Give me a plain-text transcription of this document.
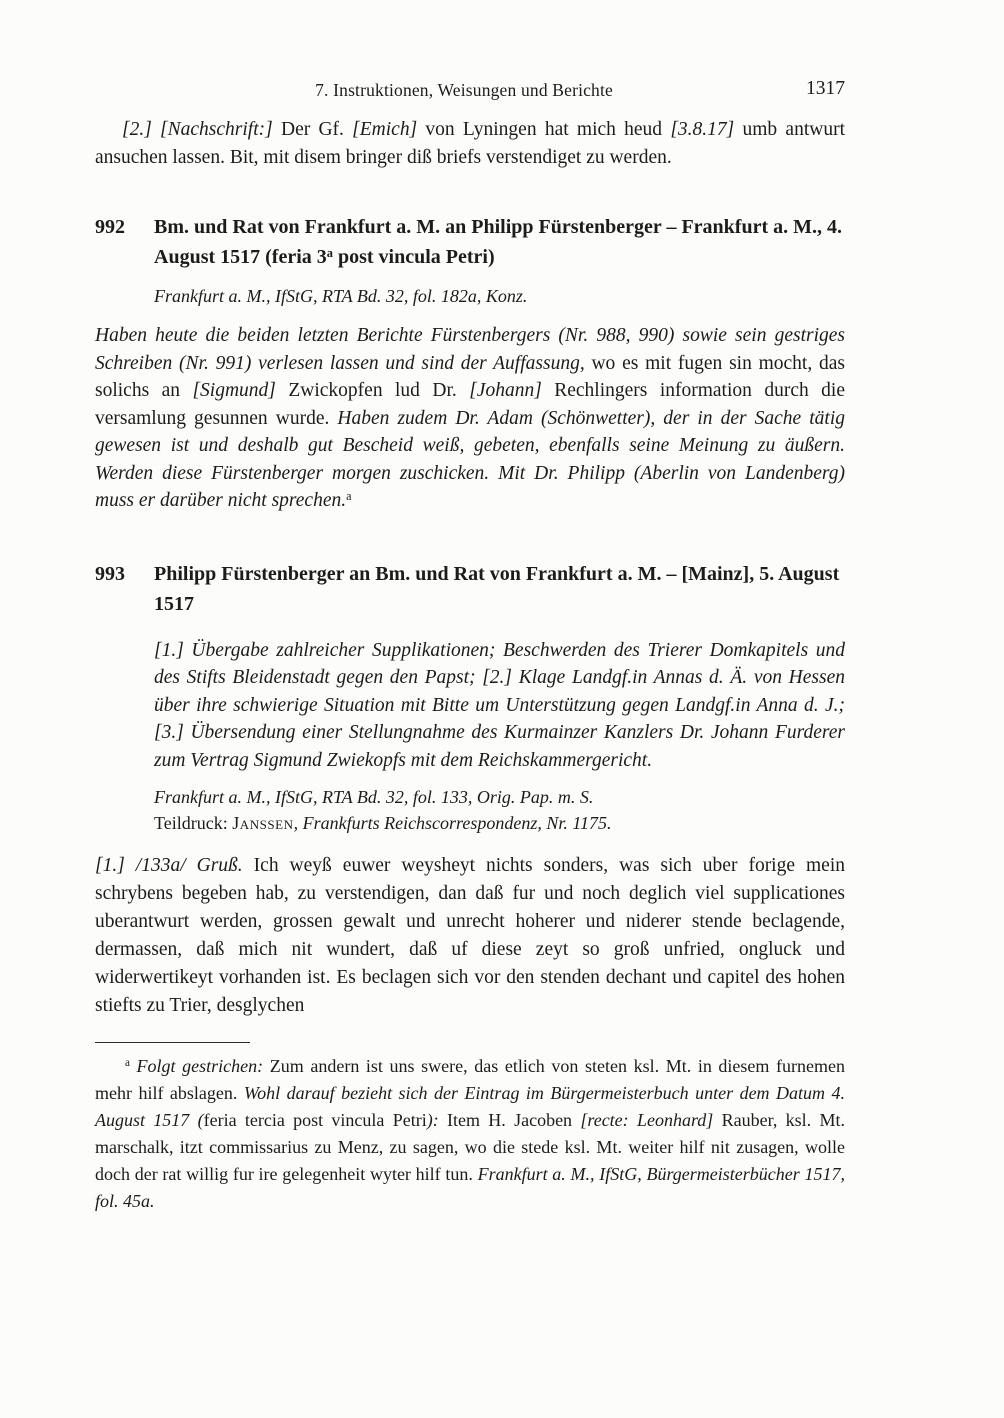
7. Instruktionen, Weisungen und Berichte	1317

[2.] [Nachschrift:] Der Gf. [Emich] von Lyningen hat mich heud [3.8.17] umb antwurt ansuchen lassen. Bit, mit disem bringer diß briefs verstendiget zu werden.

992	Bm. und Rat von Frankfurt a. M. an Philipp Fürstenberger – Frankfurt a. M., 4. August 1517 (feria 3$^a$ post vincula Petri)

Frankfurt a. M., IfStG, RTA Bd. 32, fol. 182a, Konz.

Haben heute die beiden letzten Berichte Fürstenbergers (Nr. 988, 990) sowie sein gestriges Schreiben (Nr. 991) verlesen lassen und sind der Auffassung, wo es mit fugen sin mocht, das solichs an [Sigmund] Zwickopfen lud Dr. [Johann] Rechlingers information durch die versamlung gesunnen wurde. Haben zudem Dr. Adam (Schönwetter), der in der Sache tätig gewesen ist und deshalb gut Bescheid weiß, gebeten, ebenfalls seine Meinung zu äußern. Werden diese Fürstenberger morgen zuschicken. Mit Dr. Philipp (Aberlin von Landenberg) muss er darüber nicht sprechen.$^a$

993	Philipp Fürstenberger an Bm. und Rat von Frankfurt a. M. – [Mainz], 5. August 1517

[1.] Übergabe zahlreicher Supplikationen; Beschwerden des Trierer Domkapitels und des Stifts Bleidenstadt gegen den Papst; [2.] Klage Landgf.in Annas d. Ä. von Hessen über ihre schwierige Situation mit Bitte um Unterstützung gegen Landgf.in Anna d. J.; [3.] Übersendung einer Stellungnahme des Kurmainzer Kanzlers Dr. Johann Furderer zum Vertrag Sigmund Zwiekopfs mit dem Reichskammergericht.

Frankfurt a. M., IfStG, RTA Bd. 32, fol. 133, Orig. Pap. m. S.
Teildruck: Janssen, Frankfurts Reichscorrespondenz, Nr. 1175.

[1.] /133a/ Gruß. Ich weyß euwer weysheyt nichts sonders, was sich uber forige mein schrybens begeben hab, zu verstendigen, dan daß fur und noch deglich viel supplicationes uberantwurt werden, grossen gewalt und unrecht hoherer und niderer stende beclagende, dermassen, daß mich nit wundert, daß uf diese zeyt so groß unfried, ongluck und widerwertikeyt vorhanden ist. Es beclagen sich vor den stenden dechant und capitel des hohen stiefts zu Trier, desglychen

$^a$ Folgt gestrichen: Zum andern ist uns swere, das etlich von steten ksl. Mt. in diesem furnemen mehr hilf abslagen. Wohl darauf bezieht sich der Eintrag im Bürgermeisterbuch unter dem Datum 4. August 1517 (feria tercia post vincula Petri): Item H. Jacoben [recte: Leonhard] Rauber, ksl. Mt. marschalk, itzt commissarius zu Menz, zu sagen, wo die stede ksl. Mt. weiter hilf nit zusagen, wolle doch der rat willig fur ire gelegenheit wyter hilf tun. Frankfurt a. M., IfStG, Bürgermeisterbücher 1517, fol. 45a.
